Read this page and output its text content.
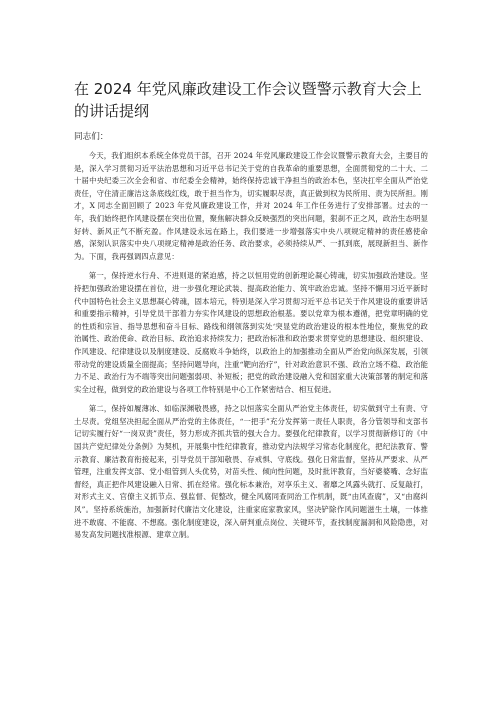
在 2024 年党风廉政建设工作会议暨警示教育大会上的讲话提纲

同志们：

今天，我们组织本系统全体党员干部，召开 2024 年党风廉政建设工作会议暨警示教育大会，主要目的是，深入学习贯彻习近平法治思想和习近平总书记关于党的自我革命的重要思想，全面贯彻党的二十大、二十届中央纪委三次全会和省、市纪委全会精神，始终保持忠诚干净担当的政治本色，坚决扛牢全面从严治党责任，守住清正廉洁这条底线红线，敢于担当作为，切实履职尽责，真正做到权为民所用、责为民所担。刚才，X 同志全面回顾了 2023 年党风廉政建设工作，并对 2024 年工作任务进行了安排部署。过去的一年，我们始终把作风建设摆在突出位置，聚焦解决群众反映强烈的突出问题，狠刹不正之风，政治生态明显好转、新风正气不断充盈。作风建设永远在路上，我们要进一步增强落实中央八项规定精神的责任感使命感，深刻认识落实中央八项规定精神是政治任务、政治要求，必须持续从严、一抓到底，展现新担当、新作为。下面，我再强调四点意见：

第一，保持逆水行舟、不进则退的紧迫感，持之以恒用党的创新理论凝心铸魂，切实加强政治建设。坚持把加强政治建设摆在首位，进一步强化理论武装、提高政治能力、筑牢政治忠诚。坚持不懈用习近平新时代中国特色社会主义思想凝心铸魂，固本培元，特别是深入学习贯彻习近平总书记关于作风建设的重要讲话和重要指示精神，引导党员干部着力夯实作风建设的思想政治根基。要以党章为根本遵循，把党章明确的党的性质和宗旨、指导思想和奋斗目标、路线和纲领落到实处‘突显党的政治建设的根本性地位，聚焦党的政治属性、政治使命、政治目标、政治追求持续发力；把政治标准和政治要求贯穿党的思想建设、组织建设、作风建设、纪律建设以及制度建设、反腐败斗争始终，以政治上的加强推动全面从严治党向纵深发展，引领带动党的建设质量全面提高；坚持问题导向，注重“靶向治疗”，针对政治意识不强、政治立场不稳、政治能力不足、政治行为不端等突出问题强弱项、补短板；把党的政治建设融入党和国家重大决策部署的制定和落实全过程，做到党的政治建设与各项工作特别是中心工作紧密结合、相互促进。

第二，保持如履薄冰、如临深渊敬畏感，持之以恒落实全面从严治党主体责任，切实做到守土有责、守土尽责。党组坚决担起全面从严治党的主体责任，“一把手”充分发挥第一责任人职责，各分管领导和支部书记切实履行好“一岗双责”责任，努力形成齐抓共管的强大合力。要强化纪律教育，以学习贯彻新修订的《中国共产党纪律处分条例》为契机，开展集中性纪律教育，推动党内法规学习常态化制度化，把纪法教育、警示教育、廉洁教育衔接起来，引导党员干部知敬畏、存戒惧、守底线。强化日常监督，坚持从严要求、从严管理，注重发挥支部、党小组管到人头优势，对苗头性、倾向性问题，及时批评教育，当好婆婆嘴、念好监督经，真正把作风建设融入日常、抓在经常。强化标本兼治，对享乐主义、奢靡之风露头就打、反复敲打，对形式主义、官僚主义抓节点、强监督、促整改，健全风腐同查同治工作机制，既“由风查腐”，又“由腐纠风”。坚持系统施治，加强新时代廉洁文化建设，注重家庭家教家风，坚决铲除作风问题滋生土壤，一体推进不敢腐、不能腐、不想腐。强化制度建设，深入研判重点岗位、关键环节，查找制度漏洞和风险隐患，对易发高发问题找准根源、建章立制。
